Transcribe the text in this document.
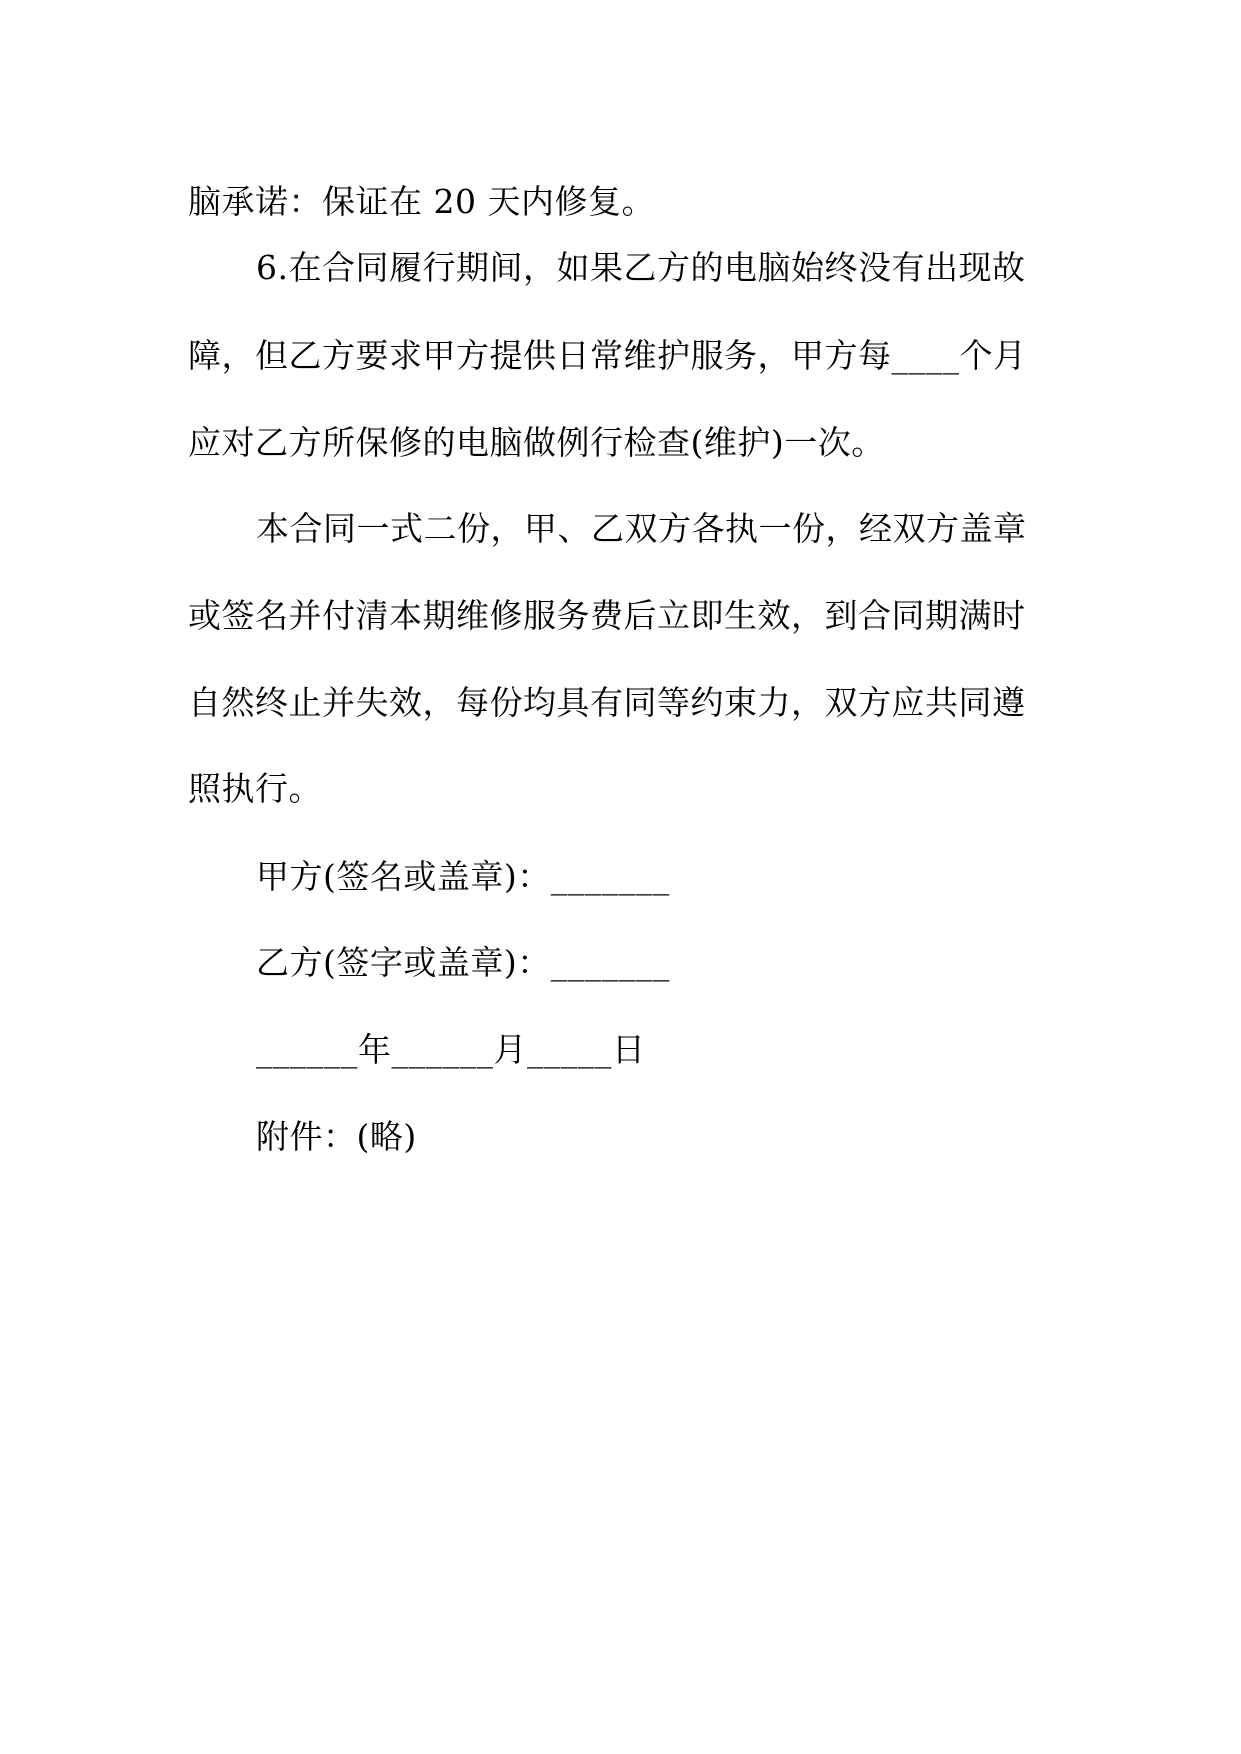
脑承诺：保证在 20 天内修复。
6.在合同履行期间，如果乙方的电脑始终没有出现故
障，但乙方要求甲方提供日常维护服务，甲方每____个月
应对乙方所保修的电脑做例行检查(维护)一次。
本合同一式二份，甲、乙双方各执一份，经双方盖章
或签名并付清本期维修服务费后立即生效，到合同期满时
自然终止并失效，每份均具有同等约束力，双方应共同遵
照执行。
甲方(签名或盖章)：_______
乙方(签字或盖章)：_______
______年______月_____日
附件：(略)
